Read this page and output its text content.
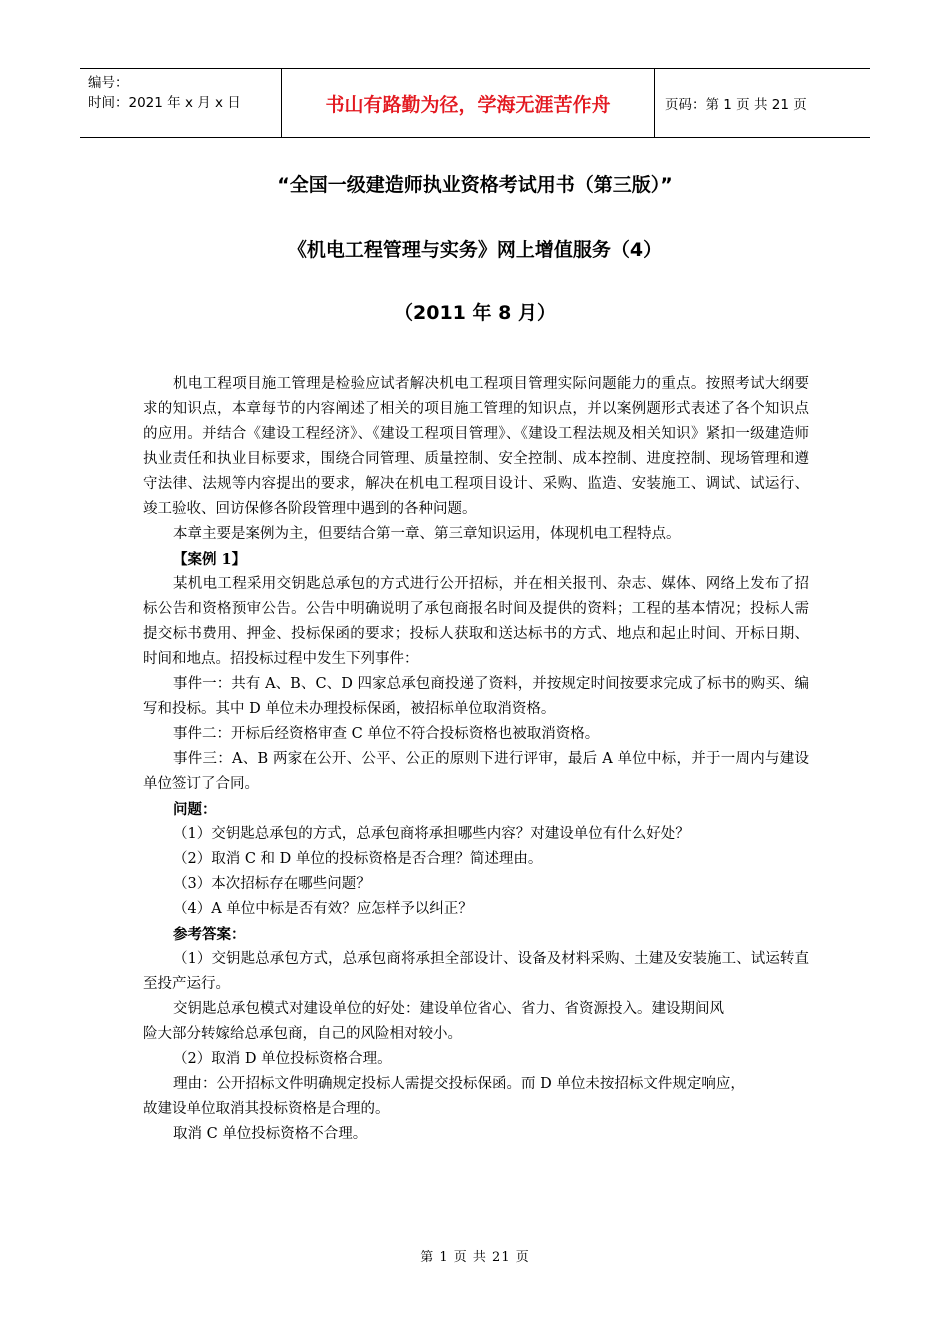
编号：
时间：2021 年 x 月 x 日	书山有路勤为径，学海无涯苦作舟	页码：第 1 页 共 21 页
“全国一级建造师执业资格考试用书（第三版）”
《机电工程管理与实务》网上增值服务（4）
（2011 年 8 月）

机电工程项目施工管理是检验应试者解决机电工程项目管理实际问题能力的重点。按照考试大纲要求的知识点，本章每节的内容阐述了相关的项目施工管理的知识点，并以案例题形式表述了各个知识点的应用。并结合《建设工程经济》、《建设工程项目管理》、《建设工程法规及相关知识》紧扣一级建造师执业责任和执业目标要求，围绕合同管理、质量控制、安全控制、成本控制、进度控制、现场管理和遵守法律、法规等内容提出的要求，解决在机电工程项目设计、采购、监造、安装施工、调试、试运行、竣工验收、回访保修各阶段管理中遇到的各种问题。

本章主要是案例为主，但要结合第一章、第三章知识运用，体现机电工程特点。

【案例 1】

某机电工程采用交钥匙总承包的方式进行公开招标，并在相关报刊、杂志、媒体、网络上发布了招标公告和资格预审公告。公告中明确说明了承包商报名时间及提供的资料；工程的基本情况；投标人需提交标书费用、押金、投标保函的要求；投标人获取和送达标书的方式、地点和起止时间、开标日期、时间和地点。招投标过程中发生下列事件：

事件一：共有 A、B、C、D 四家总承包商投递了资料，并按规定时间按要求完成了标书的购买、编写和投标。其中 D 单位未办理投标保函，被招标单位取消资格。

事件二：开标后经资格审查 C 单位不符合投标资格也被取消资格。

事件三：A、B 两家在公开、公平、公正的原则下进行评审，最后 A 单位中标，并于一周内与建设单位签订了合同。

问题：

（1）交钥匙总承包的方式，总承包商将承担哪些内容？对建设单位有什么好处？

（2）取消 C 和 D 单位的投标资格是否合理？简述理由。

（3）本次招标存在哪些问题？

（4）A 单位中标是否有效？应怎样予以纠正？

参考答案：

（1）交钥匙总承包方式，总承包商将承担全部设计、设备及材料采购、土建及安装施工、试运转直至投产运行。

交钥匙总承包模式对建设单位的好处：建设单位省心、省力、省资源投入。建设期间风

险大部分转嫁给总承包商，自己的风险相对较小。

（2）取消 D 单位投标资格合理。

理由：公开招标文件明确规定投标人需提交投标保函。而 D 单位未按招标文件规定响应，

故建设单位取消其投标资格是合理的。

取消 C 单位投标资格不合理。

第 1 页 共 21 页
